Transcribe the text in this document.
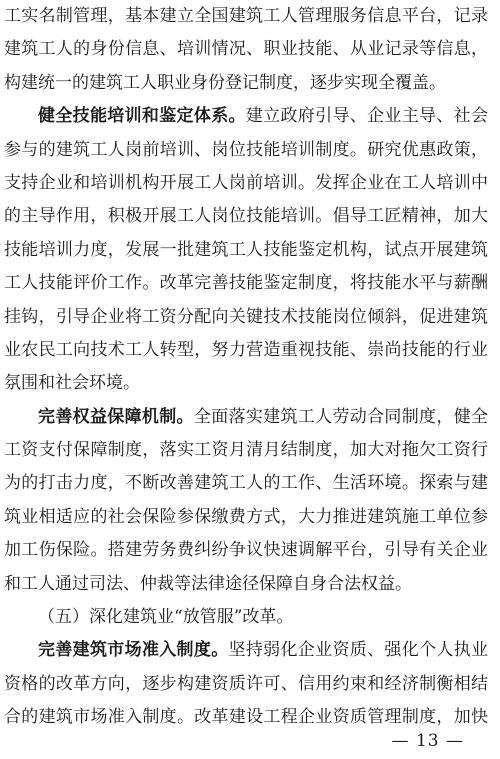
工实名制管理，基本建立全国建筑工人管理服务信息平台，记录
建筑工人的身份信息、培训情况、职业技能、从业记录等信息，
构建统一的建筑工人职业身份登记制度，逐步实现全覆盖。
健全技能培训和鉴定体系。建立政府引导、企业主导、社会
参与的建筑工人岗前培训、岗位技能培训制度。研究优惠政策，
支持企业和培训机构开展工人岗前培训。发挥企业在工人培训中
的主导作用，积极开展工人岗位技能培训。倡导工匠精神，加大
技能培训力度，发展一批建筑工人技能鉴定机构，试点开展建筑
工人技能评价工作。改革完善技能鉴定制度，将技能水平与薪酬
挂钩，引导企业将工资分配向关键技术技能岗位倾斜，促进建筑
业农民工向技术工人转型，努力营造重视技能、崇尚技能的行业
氛围和社会环境。
完善权益保障机制。全面落实建筑工人劳动合同制度，健全
工资支付保障制度，落实工资月清月结制度，加大对拖欠工资行
为的打击力度，不断改善建筑工人的工作、生活环境。探索与建
筑业相适应的社会保险参保缴费方式，大力推进建筑施工单位参
加工伤保险。搭建劳务费纠纷争议快速调解平台，引导有关企业
和工人通过司法、仲裁等法律途径保障自身合法权益。
（五）深化建筑业“放管服”改革。
完善建筑市场准入制度。坚持弱化企业资质、强化个人执业
资格的改革方向，逐步构建资质许可、信用约束和经济制衡相结
合的建筑市场准入制度。改革建设工程企业资质管理制度，加快
— 13 —
